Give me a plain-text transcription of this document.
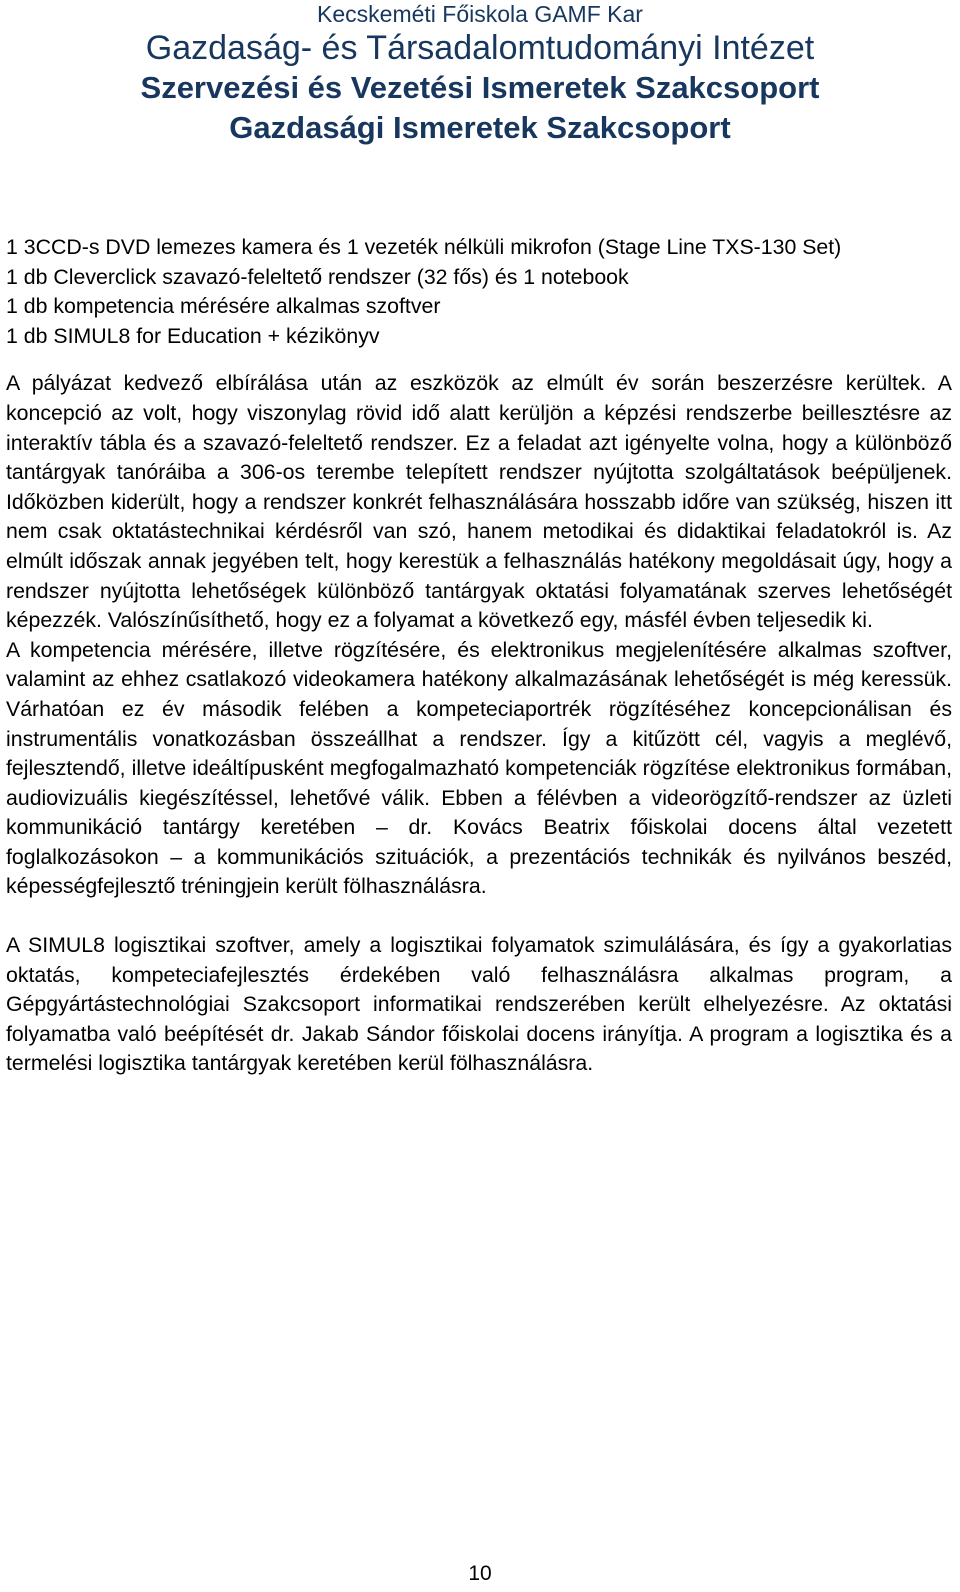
Kecskeméti Főiskola GAMF Kar
Gazdaság- és Társadalomtudományi Intézet
Szervezési és Vezetési Ismeretek Szakcsoport
Gazdasági Ismeretek Szakcsoport
1 3CCD-s DVD lemezes kamera és 1 vezeték nélküli mikrofon (Stage Line TXS-130 Set)
1 db Cleverclick szavazó-feleltető rendszer (32 fős) és 1 notebook
1 db kompetencia mérésére alkalmas szoftver
1 db SIMUL8 for Education + kézikönyv

A pályázat kedvező elbírálása után az eszközök az elmúlt év során beszerzésre kerültek. A koncepció az volt, hogy viszonylag rövid idő alatt kerüljön a képzési rendszerbe beillesztésre az interaktív tábla és a szavazó-feleltető rendszer. Ez a feladat azt igényelte volna, hogy a különböző tantárgyak tanóráiba a 306-os terembe telepített rendszer nyújtotta szolgáltatások beépüljenek. Időközben kiderült, hogy a rendszer konkrét felhasználására hosszabb időre van szükség, hiszen itt nem csak oktatástechnikai kérdésről van szó, hanem metodikai és didaktikai feladatokról is. Az elmúlt időszak annak jegyében telt, hogy kerestük a felhasználás hatékony megoldásait úgy, hogy a rendszer nyújtotta lehetőségek különböző tantárgyak oktatási folyamatának szerves lehetőségét képezzék. Valószínűsíthető, hogy ez a folyamat a következő egy, másfél évben teljesedik ki.

A kompetencia mérésére, illetve rögzítésére, és elektronikus megjelenítésére alkalmas szoftver, valamint az ehhez csatlakozó videokamera hatékony alkalmazásának lehetőségét is még keressük. Várhatóan ez év második felében a kompeteciaportrék rögzítéséhez koncepcionálisan és instrumentális vonatkozásban összeállhat a rendszer. Így a kitűzött cél, vagyis a meglévő, fejlesztendő, illetve ideáltípusként megfogalmazható kompetenciák rögzítése elektronikus formában, audiovizuális kiegészítéssel, lehetővé válik. Ebben a félévben a videorögzítő-rendszer az üzleti kommunikáció tantárgy keretében – dr. Kovács Beatrix főiskolai docens által vezetett foglalkozásokon – a kommunikációs szituációk, a prezentációs technikák és nyilvános beszéd, képességfejlesztő tréningjein került fölhasználásra.

A SIMUL8 logisztikai szoftver, amely a logisztikai folyamatok szimulálására, és így a gyakorlatias oktatás, kompeteciafejlesztés érdekében való felhasználásra alkalmas program, a Gépgyártástechnológiai Szakcsoport informatikai rendszerében került elhelyezésre. Az oktatási folyamatba való beépítését dr. Jakab Sándor főiskolai docens irányítja. A program a logisztika és a termelési logisztika tantárgyak keretében kerül fölhasználásra.

10
